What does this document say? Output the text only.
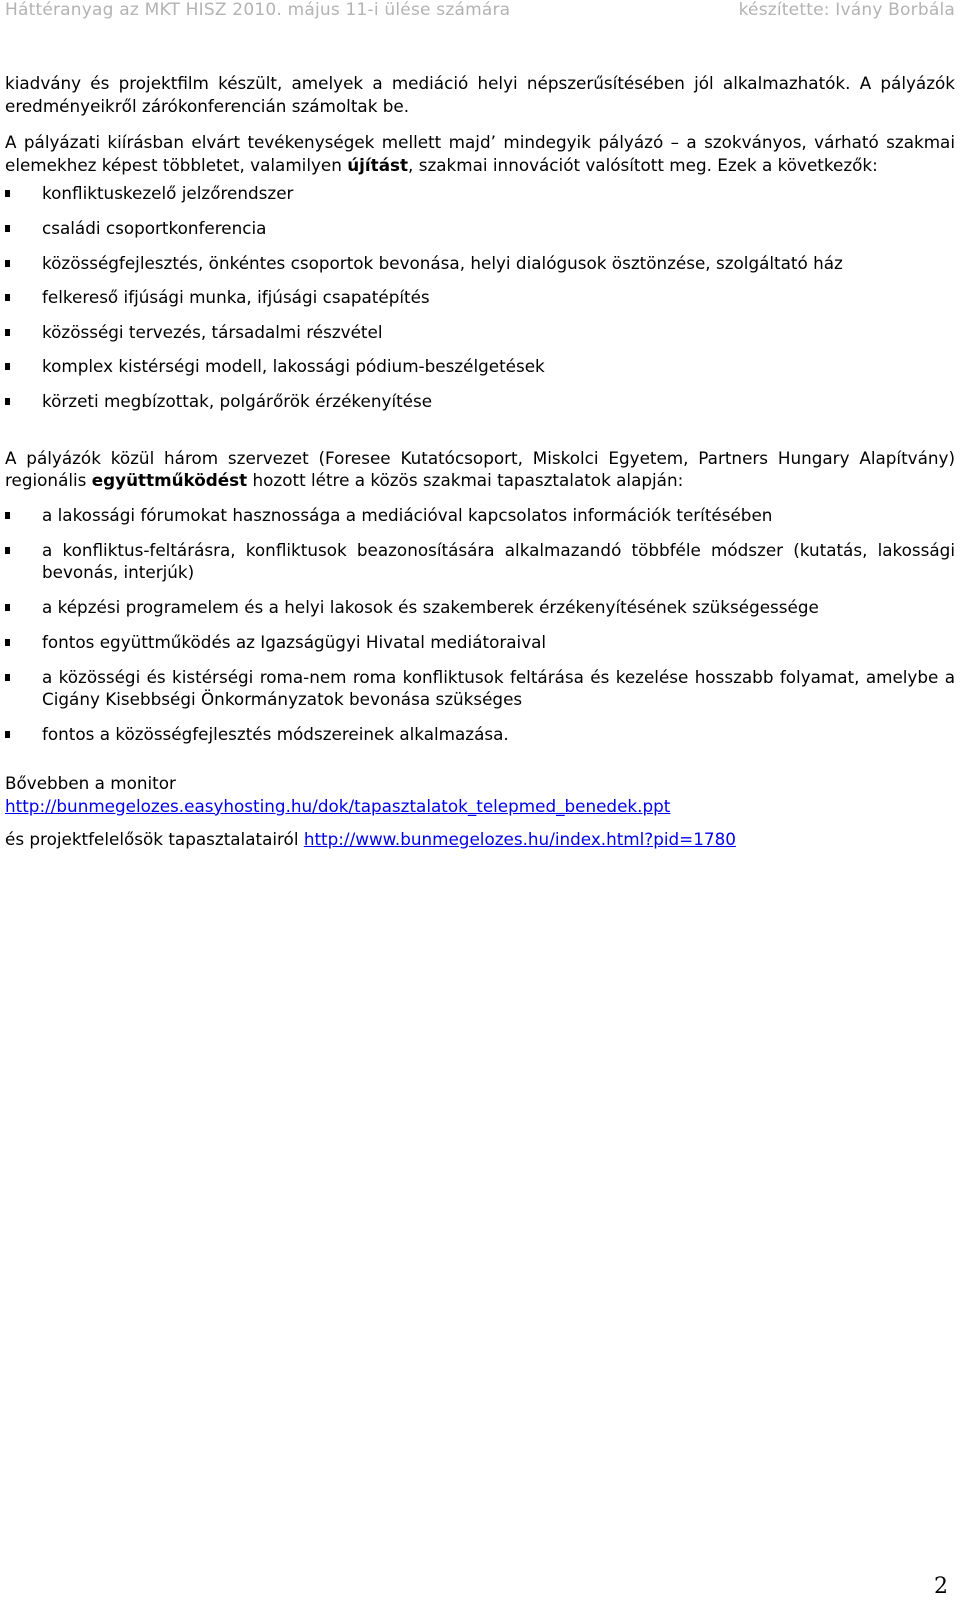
Háttéranyag az MKT HISZ 2010. május 11-i ülése számára	készítette: Ivány Borbála

kiadvány és projektfilm készült, amelyek a mediáció helyi népszerűsítésében jól alkalmazhatók. A pályázók eredményeikről zárókonferencián számoltak be.

A pályázati kiírásban elvárt tevékenységek mellett majd’ mindegyik pályázó – a szokványos, várható szakmai elemekhez képest többletet, valamilyen újítást, szakmai innovációt valósított meg. Ezek a következők:

konfliktuskezelő jelzőrendszer
családi csoportkonferencia
közösségfejlesztés, önkéntes csoportok bevonása, helyi dialógusok ösztönzése, szolgáltató ház
felkereső ifjúsági munka, ifjúsági csapatépítés
közösségi tervezés, társadalmi részvétel
komplex kistérségi modell, lakossági pódium-beszélgetések
körzeti megbízottak, polgárőrök érzékenyítése

A pályázók közül három szervezet (Foresee Kutatócsoport, Miskolci Egyetem, Partners Hungary Alapítvány) regionális együttműködést hozott létre a közös szakmai tapasztalatok alapján:

a lakossági fórumokat hasznossága a mediációval kapcsolatos információk terítésében
a konfliktus-feltárásra, konfliktusok beazonosítására alkalmazandó többféle módszer (kutatás, lakossági bevonás, interjúk)
a képzési programelem és a helyi lakosok és szakemberek érzékenyítésének szükségessége
fontos együttműködés az Igazságügyi Hivatal mediátoraival
a közösségi és kistérségi roma-nem roma konfliktusok feltárása és kezelése hosszabb folyamat, amelybe a Cigány Kisebbségi Önkormányzatok bevonása szükséges
fontos a közösségfejlesztés módszereinek alkalmazása.
Bővebben a monitor
http://bunmegelozes.easyhosting.hu/dok/tapasztalatok_telepmed_benedek.ppt
és projektfelelősök tapasztalatairól http://www.bunmegelozes.hu/index.html?pid=1780
2
